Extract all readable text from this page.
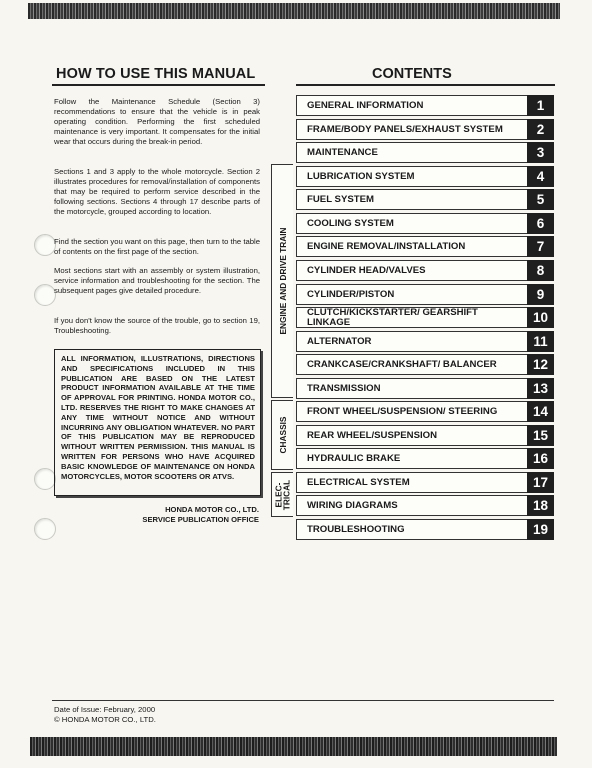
HOW TO USE THIS MANUAL

Follow the Maintenance Schedule (Section 3) recommendations to ensure that the vehicle is in peak operating condition. Performing the first scheduled maintenance is very important. It compensates for the initial wear that occurs during the break-in period.

Sections 1 and 3 apply to the whole motorcycle. Section 2 illustrates procedures for removal/installation of components that may be required to perform service described in the following sections. Sections 4 through 17 describe parts of the motorcycle, grouped according to location.

Find the section you want on this page, then turn to the table of contents on the first page of the section.

Most sections start with an assembly or system illustration, service information and troubleshooting for the section. The subsequent pages give detailed procedure.

If you don't know the source of the trouble, go to section 19, Troubleshooting.

ALL INFORMATION, ILLUSTRATIONS, DIRECTIONS AND SPECIFICATIONS INCLUDED IN THIS PUBLICATION ARE BASED ON THE LATEST PRODUCT INFORMATION AVAILABLE AT THE TIME OF APPROVAL FOR PRINTING. HONDA MOTOR CO., LTD. RESERVES THE RIGHT TO MAKE CHANGES AT ANY TIME WITHOUT NOTICE AND WITHOUT INCURRING ANY OBLIGATION WHATEVER. NO PART OF THIS PUBLICATION MAY BE REPRODUCED WITHOUT WRITTEN PERMISSION. THIS MANUAL IS WRITTEN FOR PERSONS WHO HAVE ACQUIRED BASIC KNOWLEDGE OF MAINTENANCE ON HONDA MOTORCYCLES, MOTOR SCOOTERS OR ATVS.
HONDA MOTOR CO., LTD.
SERVICE PUBLICATION OFFICE
CONTENTS
ENGINE AND DRIVE TRAIN
CHASSIS
ELEC- TRICAL
GENERAL INFORMATION	1
FRAME/BODY PANELS/EXHAUST SYSTEM	2
MAINTENANCE	3
LUBRICATION SYSTEM	4
FUEL SYSTEM	5
COOLING SYSTEM	6
ENGINE REMOVAL/INSTALLATION	7
CYLINDER HEAD/VALVES	8
CYLINDER/PISTON	9
CLUTCH/KICKSTARTER/ GEARSHIFT LINKAGE	10
ALTERNATOR	11
CRANKCASE/CRANKSHAFT/ BALANCER	12
TRANSMISSION	13
FRONT WHEEL/SUSPENSION/ STEERING	14
REAR WHEEL/SUSPENSION	15
HYDRAULIC BRAKE	16
ELECTRICAL SYSTEM	17
WIRING DIAGRAMS	18
TROUBLESHOOTING	19
Date of Issue: February, 2000
© HONDA MOTOR CO., LTD.
